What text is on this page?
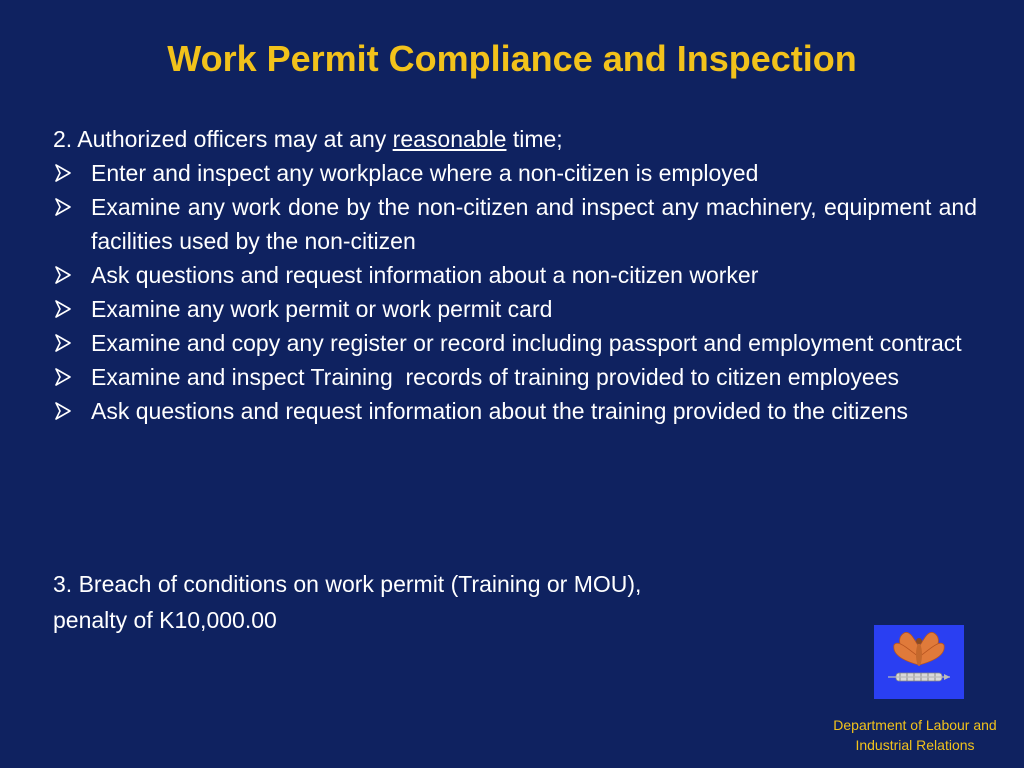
Work Permit Compliance and Inspection

2. Authorized officers may at any reasonable time;

Enter and inspect any workplace where a non-citizen is employed
Examine any work done by the non-citizen and inspect any machinery, equipment and facilities used by the non-citizen
Ask questions and request information about a non-citizen worker
Examine any work permit or work permit card
Examine and copy any register or record including passport and employment contract
Examine and inspect Training  records of training provided to citizen employees
Ask questions and request information about the training provided to the citizens

3. Breach of conditions on work permit (Training or MOU),

penalty of K10,000.00

Department of Labour and
Industrial Relations
